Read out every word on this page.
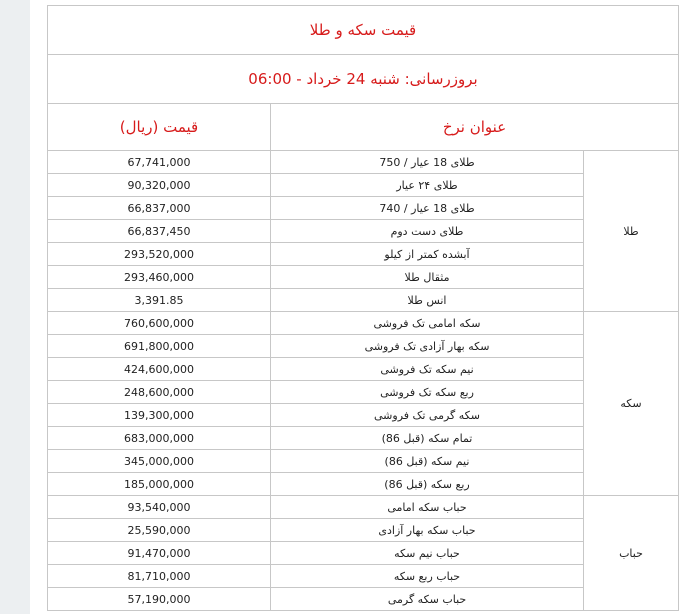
قیمت سکه و طلا		
بروزرسانی: شنبه 24 خرداد - 06:00		
عنوان نرخ		قیمت (ریال)
طلا	طلای 18 عیار / 750	67,741,000
	طلای ۲۴ عیار	90,320,000
	طلای 18 عیار / 740	66,837,000
	طلای دست دوم	66,837,450
	آبشده کمتر از کیلو	293,520,000
	مثقال طلا	293,460,000
	انس طلا	3,391.85
سکه	سکه امامی تک فروشی	760,600,000
	سکه بهار آزادی تک فروشی	691,800,000
	نیم سکه تک فروشی	424,600,000
	ربع سکه تک فروشی	248,600,000
	سکه گرمی تک فروشی	139,300,000
	تمام سکه (قبل 86)	683,000,000
	نیم سکه (قبل 86)	345,000,000
	ربع سکه (قبل 86)	185,000,000
حباب	حباب سکه امامی	93,540,000
	حباب سکه بهار آزادی	25,590,000
	حباب نیم سکه	91,470,000
	حباب ربع سکه	81,710,000
	حباب سکه گرمی	57,190,000
